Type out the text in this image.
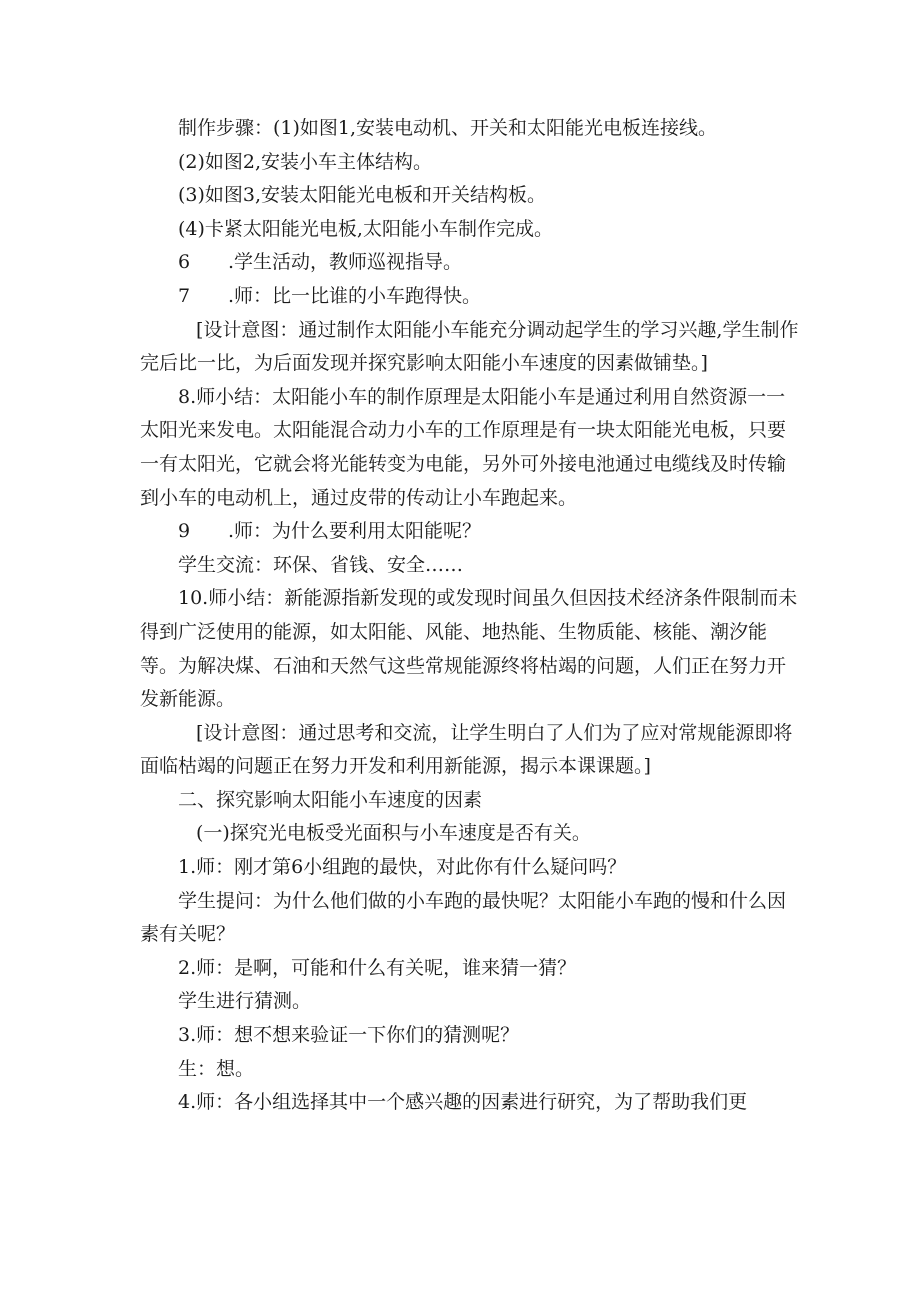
制作步骤：(1)如图1,安装电动机、开关和太阳能光电板连接线。

(2)如图2,安装小车主体结构。

(3)如图3,安装太阳能光电板和开关结构板。

(4)卡紧太阳能光电板,太阳能小车制作完成。

6 .学生活动，教师巡视指导。

7 .师：比一比谁的小车跑得快。

[设计意图：通过制作太阳能小车能充分调动起学生的学习兴趣,学生制作完后比一比，为后面发现并探究影响太阳能小车速度的因素做铺垫。]

8.师小结：太阳能小车的制作原理是太阳能小车是通过利用自然资源一一太阳光来发电。太阳能混合动力小车的工作原理是有一块太阳能光电板，只要一有太阳光，它就会将光能转变为电能，另外可外接电池通过电缆线及时传输到小车的电动机上，通过皮带的传动让小车跑起来。

9 .师：为什么要利用太阳能呢？

学生交流：环保、省钱、安全……

10.师小结：新能源指新发现的或发现时间虽久但因技术经济条件限制而未得到广泛使用的能源，如太阳能、风能、地热能、生物质能、核能、潮汐能等。为解决煤、石油和天然气这些常规能源终将枯竭的问题，人们正在努力开发新能源。

[设计意图：通过思考和交流，让学生明白了人们为了应对常规能源即将面临枯竭的问题正在努力开发和利用新能源，揭示本课课题。]

二、探究影响太阳能小车速度的因素

(一)探究光电板受光面积与小车速度是否有关。

1.师：刚才第6小组跑的最快，对此你有什么疑问吗？

学生提问：为什么他们做的小车跑的最快呢？太阳能小车跑的慢和什么因素有关呢？

2.师：是啊，可能和什么有关呢，谁来猜一猜？

学生进行猜测。

3.师：想不想来验证一下你们的猜测呢？

生：想。

4.师：各小组选择其中一个感兴趣的因素进行研究，为了帮助我们更
